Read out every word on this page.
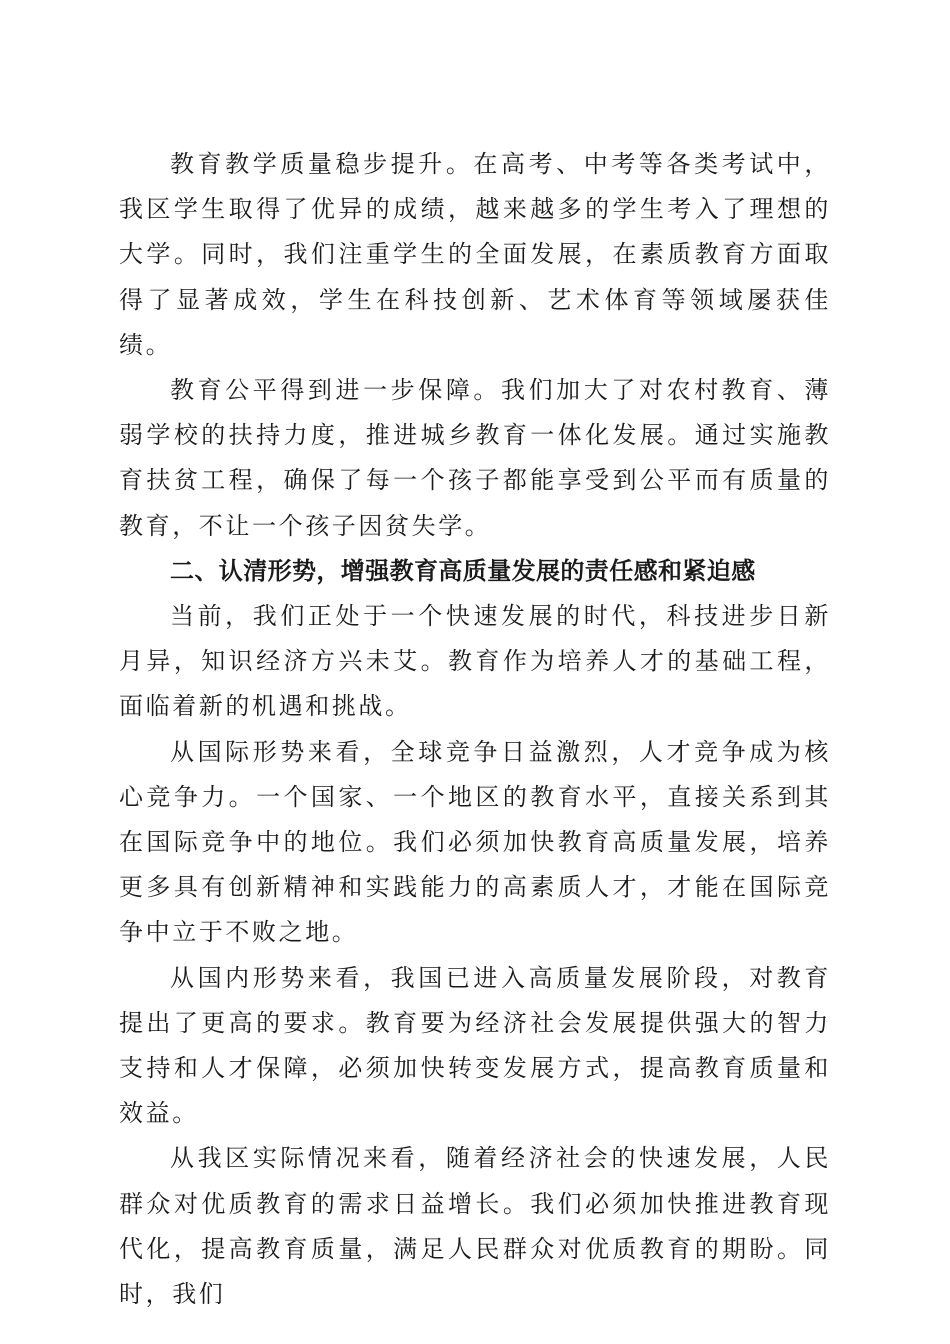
教育教学质量稳步提升。在高考、中考等各类考试中，我区学生取得了优异的成绩，越来越多的学生考入了理想的大学。同时，我们注重学生的全面发展，在素质教育方面取得了显著成效，学生在科技创新、艺术体育等领域屡获佳绩。

教育公平得到进一步保障。我们加大了对农村教育、薄弱学校的扶持力度，推进城乡教育一体化发展。通过实施教育扶贫工程，确保了每一个孩子都能享受到公平而有质量的教育，不让一个孩子因贫失学。

二、认清形势，增强教育高质量发展的责任感和紧迫感

当前，我们正处于一个快速发展的时代，科技进步日新月异，知识经济方兴未艾。教育作为培养人才的基础工程，面临着新的机遇和挑战。

从国际形势来看，全球竞争日益激烈，人才竞争成为核心竞争力。一个国家、一个地区的教育水平，直接关系到其在国际竞争中的地位。我们必须加快教育高质量发展，培养更多具有创新精神和实践能力的高素质人才，才能在国际竞争中立于不败之地。

从国内形势来看，我国已进入高质量发展阶段，对教育提出了更高的要求。教育要为经济社会发展提供强大的智力支持和人才保障，必须加快转变发展方式，提高教育质量和效益。

从我区实际情况来看，随着经济社会的快速发展，人民群众对优质教育的需求日益增长。我们必须加快推进教育现代化，提高教育质量，满足人民群众对优质教育的期盼。同时，我们
